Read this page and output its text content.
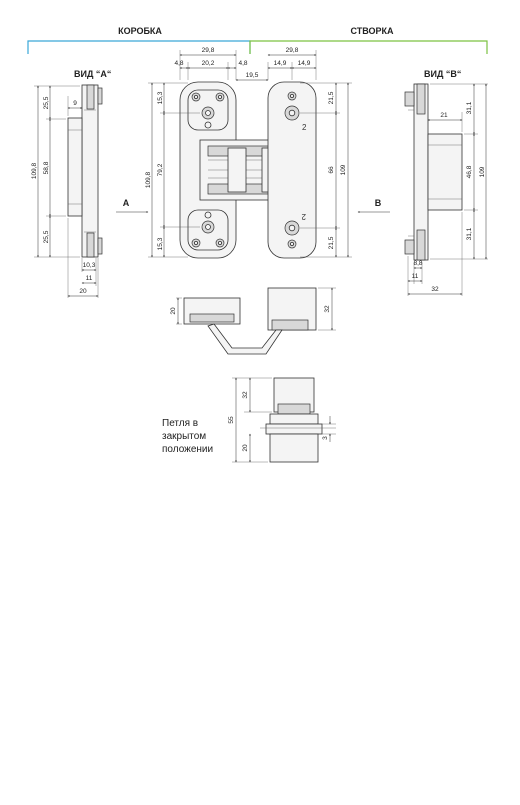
КОРОБКА	СТВОРКА
ВИД “A“
109,8
25,5
58,8
25,5
9
10,3
11
20
A	B
2
2
29,8
4,8	20,2	4,8
19,5
29,8
14,9 14,9
109,8
15,3
79,2
15,3
21,5
66
21,5
109
ВИД “B“
21
31,1
46,8
31,1
109
8,8
11
32
20	32
55
32
20
3
Петля в
закрытом
положении
